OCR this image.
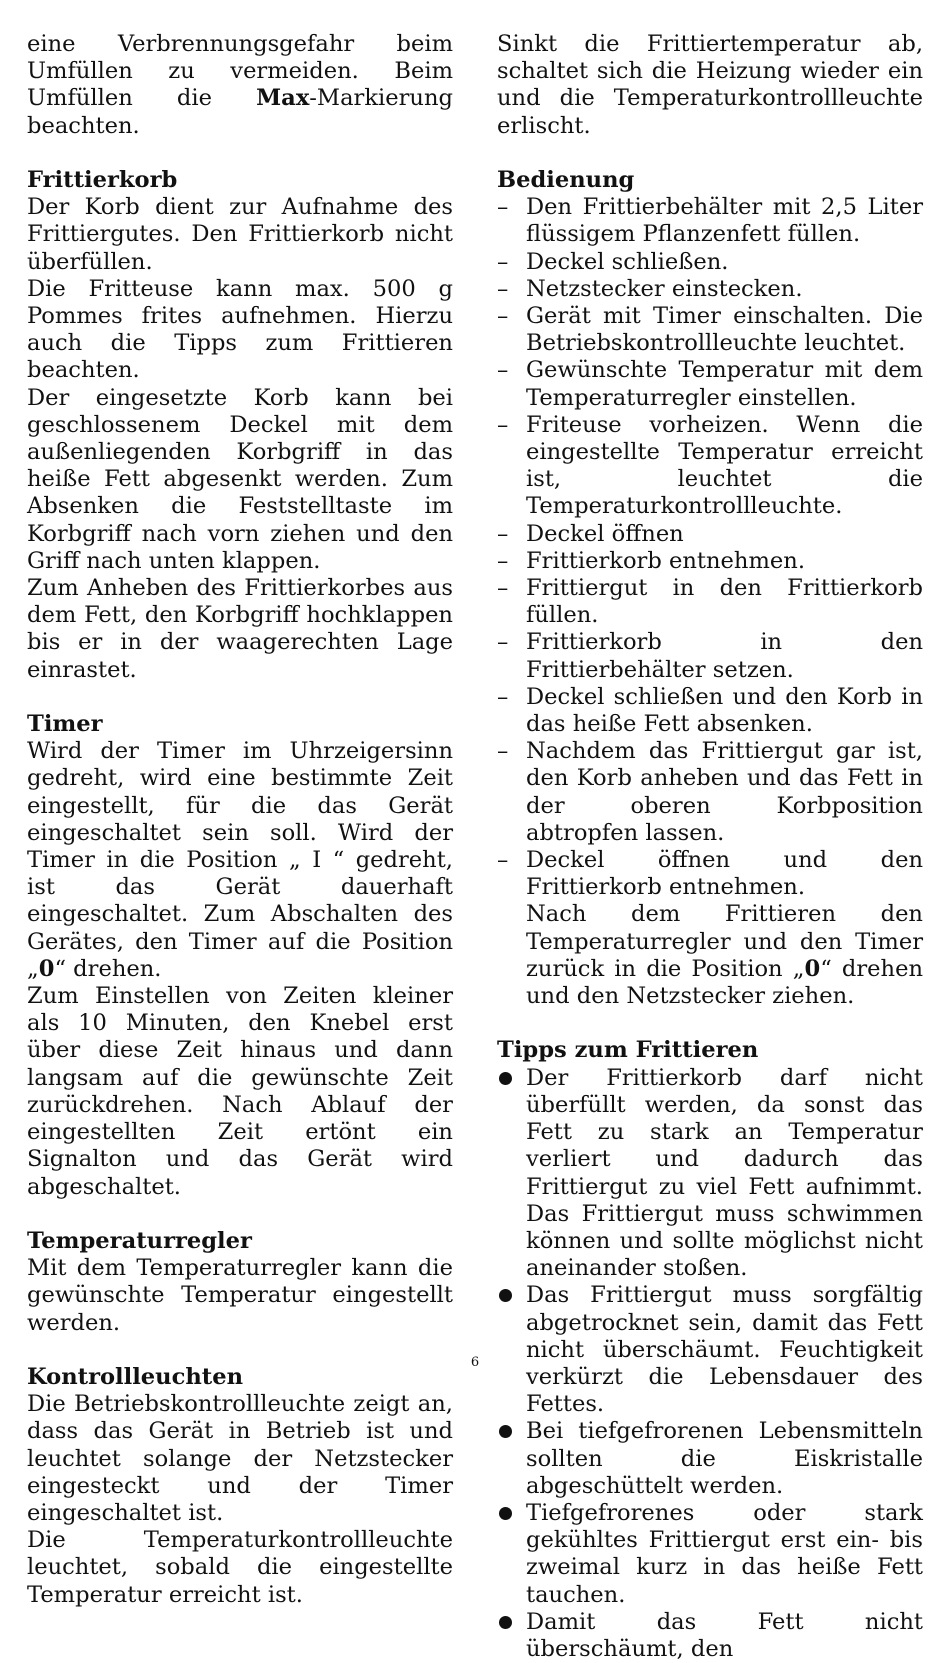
eine Verbrennungsgefahr beim Umfüllen zu vermeiden. Beim Umfüllen die Max-Markierung beachten.

Frittierkorb

Der Korb dient zur Aufnahme des Frittiergutes. Den Frittierkorb nicht überfüllen.

Die Fritteuse kann max. 500 g Pommes frites aufnehmen. Hierzu auch die Tipps zum Frittieren beachten.

Der eingesetzte Korb kann bei geschlossenem Deckel mit dem außenliegenden Korbgriff in das heiße Fett abgesenkt werden. Zum Absenken die Feststelltaste im Korbgriff nach vorn ziehen und den Griff nach unten klappen.

Zum Anheben des Frittierkorbes aus dem Fett, den Korbgriff hochklappen bis er in der waagerechten Lage einrastet.

Timer

Wird der Timer im Uhrzeigersinn gedreht, wird eine bestimmte Zeit eingestellt, für die das Gerät eingeschaltet sein soll. Wird der Timer in die Position „ I “ gedreht, ist das Gerät dauerhaft eingeschaltet. Zum Abschalten des Gerätes, den Timer auf die Position „0“ drehen.

Zum Einstellen von Zeiten kleiner als 10 Minuten, den Knebel erst über diese Zeit hinaus und dann langsam auf die gewünschte Zeit zurückdrehen. Nach Ablauf der eingestellten Zeit ertönt ein Signalton und das Gerät wird abgeschaltet.

Temperaturregler

Mit dem Temperaturregler kann die gewünschte Temperatur eingestellt werden.

Kontrollleuchten

Die Betriebskontrollleuchte zeigt an, dass das Gerät in Betrieb ist und leuchtet solange der Netzstecker eingesteckt und der Timer eingeschaltet ist.

Die Temperaturkontrollleuchte leuchtet, sobald die eingestellte Temperatur erreicht ist.

Sinkt die Frittiertemperatur ab, schaltet sich die Heizung wieder ein und die Temperaturkontrollleuchte erlischt.

Bedienung

– Den Frittierbehälter mit 2,5 Liter flüssigem Pflanzenfett füllen.
– Deckel schließen.
– Netzstecker einstecken.
– Gerät mit Timer einschalten. Die Betriebskontrollleuchte leuchtet.
– Gewünschte Temperatur mit dem Temperaturregler einstellen.
– Friteuse vorheizen. Wenn die eingestellte Temperatur erreicht ist, leuchtet die Temperaturkontrollleuchte.
– Deckel öffnen
– Frittierkorb entnehmen.
– Frittiergut in den Frittierkorb füllen.
– Frittierkorb in den Frittierbehälter setzen.
– Deckel schließen und den Korb in das heiße Fett absenken.
– Nachdem das Frittiergut gar ist, den Korb anheben und das Fett in der oberen Korbposition abtropfen lassen.
– Deckel öffnen und den Frittierkorb entnehmen.

Nach dem Frittieren den Temperaturregler und den Timer zurück in die Position „0“ drehen und den Netzstecker ziehen.

Tipps zum Frittieren

Der Frittierkorb darf nicht überfüllt werden, da sonst das Fett zu stark an Temperatur verliert und dadurch das Frittiergut zu viel Fett aufnimmt. Das Frittiergut muss schwimmen können und sollte möglichst nicht aneinander stoßen.
Das Frittiergut muss sorgfältig abgetrocknet sein, damit das Fett nicht überschäumt. Feuchtigkeit verkürzt die Lebensdauer des Fettes.
Bei tiefgefrorenen Lebensmitteln sollten die Eiskristalle abgeschüttelt werden.
Tiefgefrorenes oder stark gekühltes Frittiergut erst ein- bis zweimal kurz in das heiße Fett tauchen.
Damit das Fett nicht überschäumt, den
6
